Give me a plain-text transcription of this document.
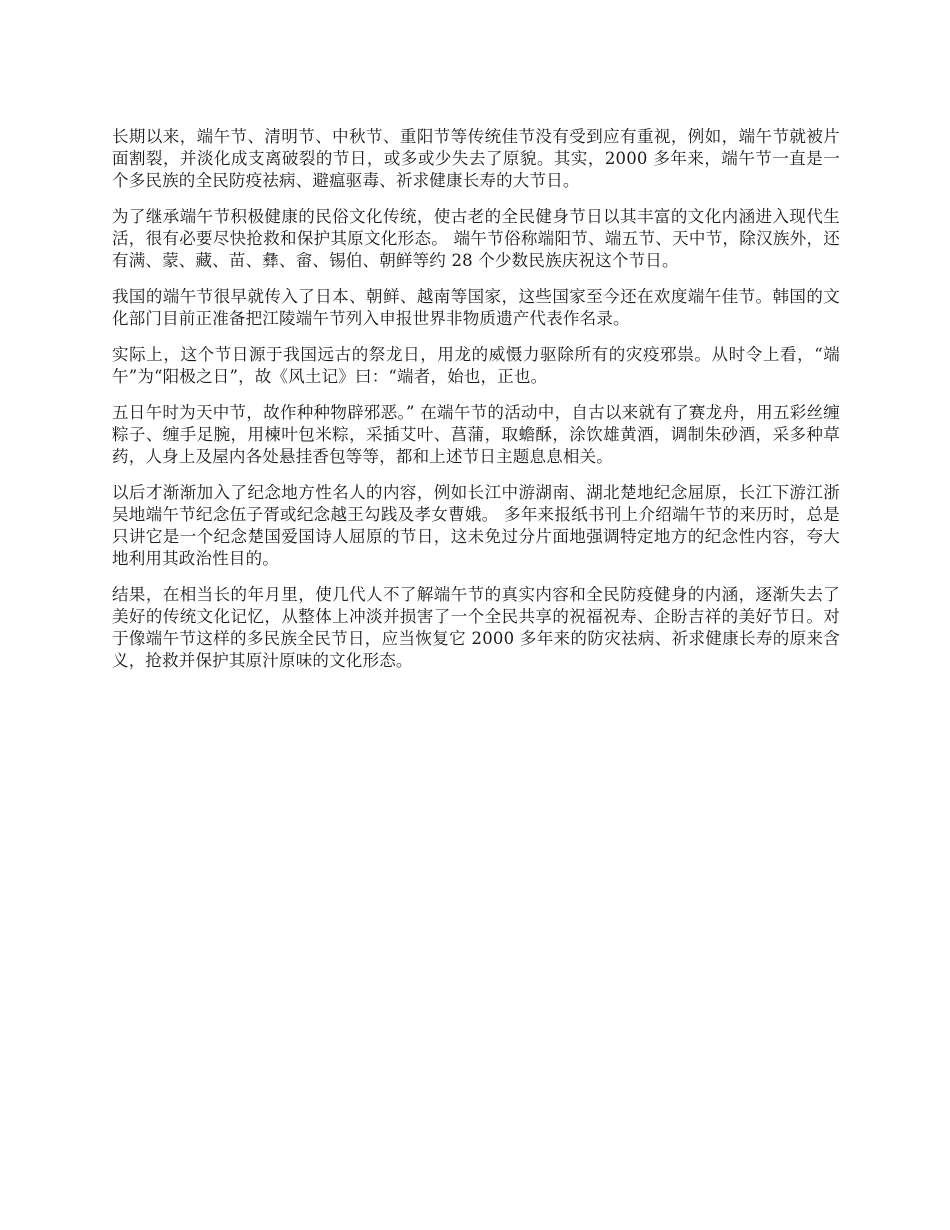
长期以来，端午节、清明节、中秋节、重阳节等传统佳节没有受到应有重视，例如，端午节就被片面割裂，并淡化成支离破裂的节日，或多或少失去了原貌。其实，2000 多年来，端午节一直是一个多民族的全民防疫祛病、避瘟驱毒、祈求健康长寿的大节日。

为了继承端午节积极健康的民俗文化传统，使古老的全民健身节日以其丰富的文化内涵进入现代生活，很有必要尽快抢救和保护其原文化形态。 端午节俗称端阳节、端五节、天中节，除汉族外，还有满、蒙、藏、苗、彝、畲、锡伯、朝鲜等约 28 个少数民族庆祝这个节日。

我国的端午节很早就传入了日本、朝鲜、越南等国家，这些国家至今还在欢度端午佳节。韩国的文化部门目前正准备把江陵端午节列入申报世界非物质遗产代表作名录。

实际上，这个节日源于我国远古的祭龙日，用龙的威慑力驱除所有的灾疫邪祟。从时令上看，“端午”为“阳极之日”，故《风土记》曰：“端者，始也，正也。

五日午时为天中节，故作种种物辟邪恶。” 在端午节的活动中，自古以来就有了赛龙舟，用五彩丝缠粽子、缠手足腕，用楝叶包米粽，采插艾叶、菖蒲，取蟾酥，涂饮雄黄酒，调制朱砂酒，采多种草药，人身上及屋内各处悬挂香包等等，都和上述节日主题息息相关。

以后才渐渐加入了纪念地方性名人的内容，例如长江中游湖南、湖北楚地纪念屈原，长江下游江浙吴地端午节纪念伍子胥或纪念越王勾践及孝女曹娥。 多年来报纸书刊上介绍端午节的来历时，总是只讲它是一个纪念楚国爱国诗人屈原的节日，这未免过分片面地强调特定地方的纪念性内容，夸大地利用其政治性目的。

结果，在相当长的年月里，使几代人不了解端午节的真实内容和全民防疫健身的内涵，逐渐失去了美好的传统文化记忆，从整体上冲淡并损害了一个全民共享的祝福祝寿、企盼吉祥的美好节日。对于像端午节这样的多民族全民节日，应当恢复它 2000 多年来的防灾祛病、祈求健康长寿的原来含义，抢救并保护其原汁原味的文化形态。
